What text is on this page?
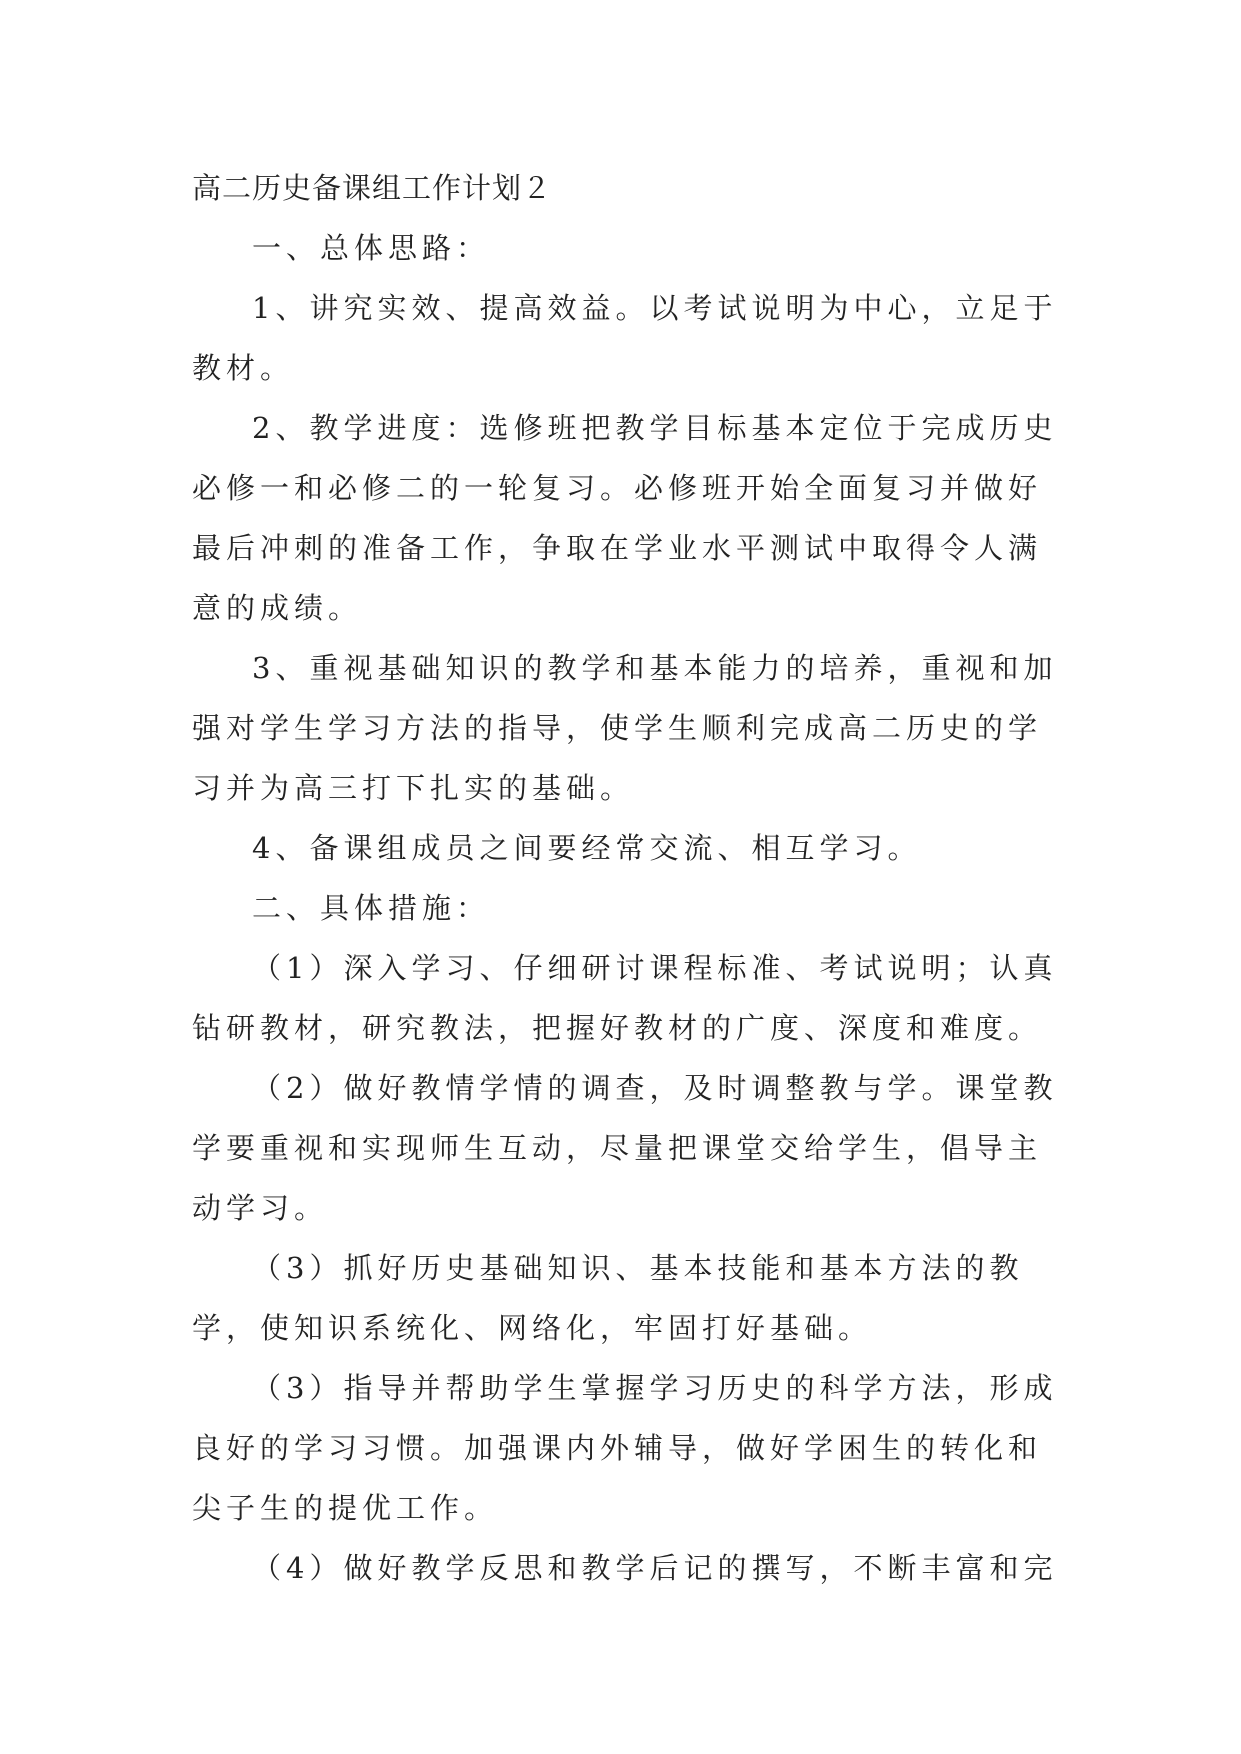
高二历史备课组工作计划２

一、总体思路：

1、讲究实效、提高效益。以考试说明为中心，立足于教材。

2、教学进度：选修班把教学目标基本定位于完成历史必修一和必修二的一轮复习。必修班开始全面复习并做好最后冲刺的准备工作，争取在学业水平测试中取得令人满意的成绩。

3、重视基础知识的教学和基本能力的培养，重视和加强对学生学习方法的指导，使学生顺利完成高二历史的学习并为高三打下扎实的基础。

4、备课组成员之间要经常交流、相互学习。

二、具体措施：

（1）深入学习、仔细研讨课程标准、考试说明；认真钻研教材，研究教法，把握好教材的广度、深度和难度。

（2）做好教情学情的调查，及时调整教与学。课堂教学要重视和实现师生互动，尽量把课堂交给学生，倡导主动学习。

（3）抓好历史基础知识、基本技能和基本方法的教学，使知识系统化、网络化，牢固打好基础。

（3）指导并帮助学生掌握学习历史的科学方法，形成良好的学习习惯。加强课内外辅导，做好学困生的转化和尖子生的提优工作。

（4）做好教学反思和教学后记的撰写，不断丰富和完
